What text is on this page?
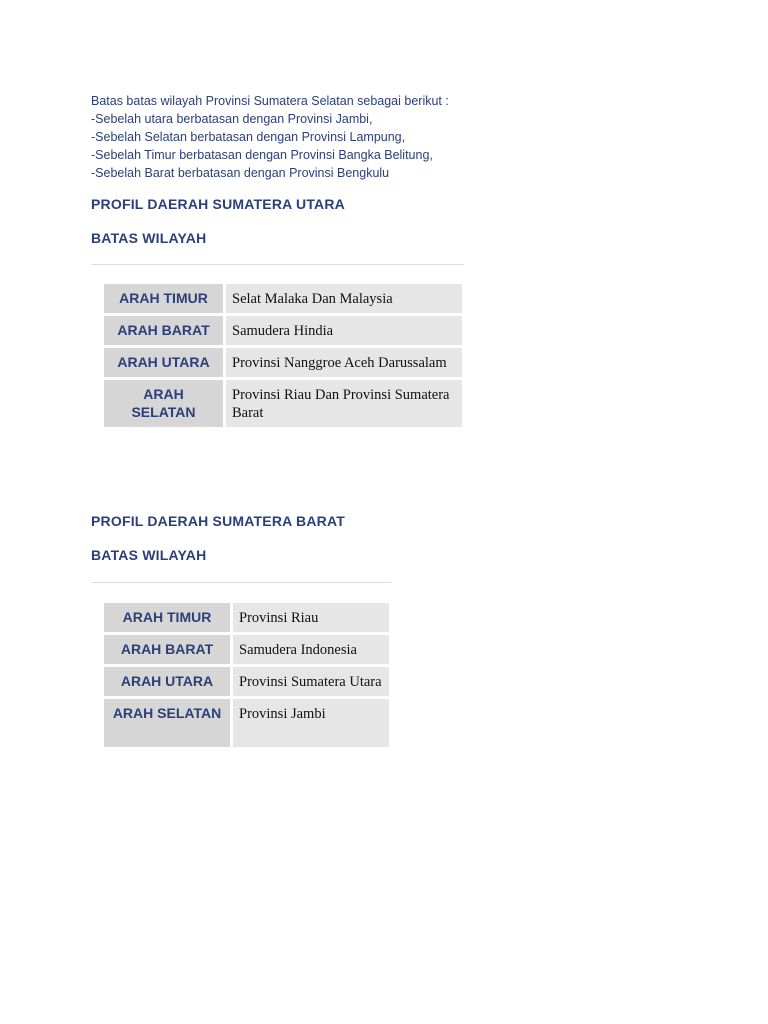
Batas batas wilayah Provinsi Sumatera Selatan sebagai berikut :
-Sebelah utara berbatasan dengan Provinsi Jambi,
-Sebelah Selatan berbatasan dengan Provinsi Lampung,
-Sebelah Timur berbatasan dengan Provinsi Bangka Belitung,
-Sebelah Barat berbatasan dengan Provinsi Bengkulu
PROFIL DAERAH SUMATERA UTARA
BATAS WILAYAH
ARAH TIMUR	Selat Malaka Dan Malaysia
ARAH BARAT	Samudera Hindia
ARAH UTARA	Provinsi Nanggroe Aceh Darussalam
ARAH SELATAN	Provinsi Riau Dan Provinsi Sumatera Barat
PROFIL DAERAH SUMATERA BARAT
BATAS WILAYAH
ARAH TIMUR	Provinsi Riau
ARAH BARAT	Samudera Indonesia
ARAH UTARA	Provinsi Sumatera Utara
ARAH SELATAN	Provinsi Jambi
